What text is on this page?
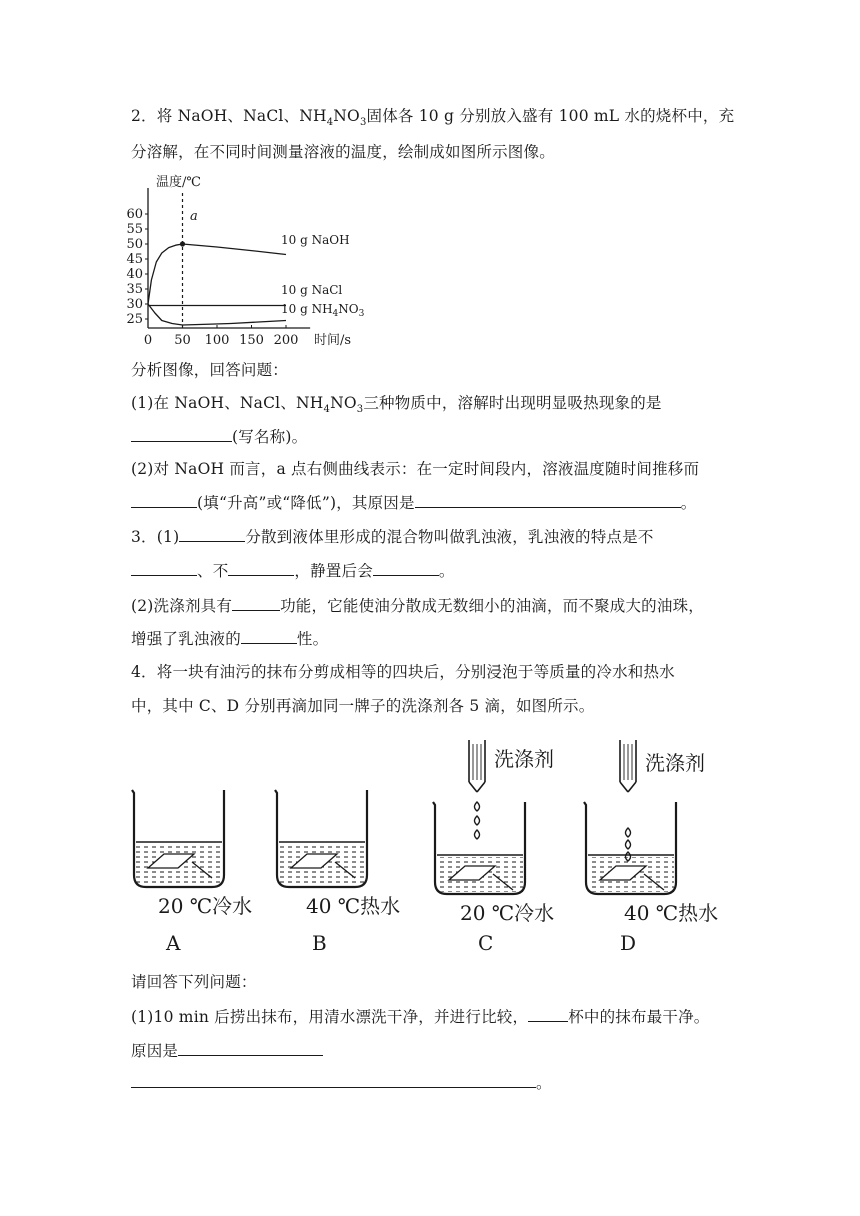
2．将 NaOH、NaCl、$NH_4NO_3$固体各 10 g 分别放入盛有 100 mL 水的烧杯中，充
分溶解，在不同时间测量溶液的温度，绘制成如图所示图像。
25
30
35
40
45
50
55
60
0 50 100 150 200
温度/℃
时间/s
a
10 g NaOH
10 g NaCl
10 g $NH_4NO_3$
分析图像，回答问题：
(1)在 NaOH、NaCl、$NH_4NO_3$三种物质中，溶解时出现明显吸热现象的是
(写名称)。
(2)对 NaOH 而言，a 点右侧曲线表示：在一定时间段内，溶液温度随时间推移而
(填“升高”或“降低”)，其原因是	。
3．(1)	分散到液体里形成的混合物叫做乳浊液，乳浊液的特点是不
、不	，静置后会	。
(2)洗涤剂具有	功能，它能使油分散成无数细小的油滴，而不聚成大的油珠，
增强了乳浊液的	性。
4．将一块有油污的抹布分剪成相等的四块后，分别浸泡于等质量的冷水和热水
中，其中 C、D 分别再滴加同一牌子的洗涤剂各 5 滴，如图所示。
20 ℃冷水
A
40 ℃热水
B
洗涤剂
20 ℃冷水
C
洗涤剂
40 ℃热水
D
请回答下列问题：
(1)10 min 后捞出抹布，用清水漂洗干净，并进行比较，	杯中的抹布最干净。
原因是
。
